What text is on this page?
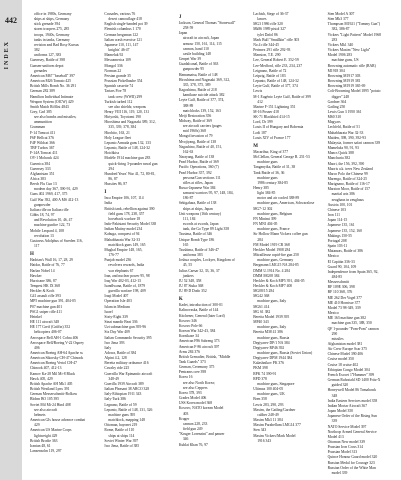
442
INDEX
office in 1980s, Germany
ships at ships, Germany
stick grenade 394
storm troopers 275, 285
troops, 1940s, Germany
tanks in tanks, Germany
revision and Bad Rosy Kursus
382
uniforms 127, 383
Guernsey, Battle of 398
Gunsen-uniform depot
grenades
American M67 "baseball" 397
American M26 Tomato 425
British Mills Bomb No. 36 291
German 282 389
Hamilton Individual Intimate
Weapon System (OICW) 429
Smith Match Rifflist 4843
Grey, Carl 385
see also bombs and missiles;
ammunition
Grumman
F-14 Tomcat 411
F6F Hellcat 376
F4F Wildcat 366
TBF Turbos 367
F-14A Tomcat 411
OV-1 Mohawk 424
Guernica 384
Guernsey 333
Afghanistan 351
Africa 383
Beech Flu Cun 13
modern day 367, 390-91, 429
Guns 402 1969, 417, 375
Gulf War 392, 400 A MS 412-13
gunpowder
Italian rifle on Italian rifle
Gibbs 18, 74, 97
and Revolution 10, 46, 47
machine gunfire 122, 73
Mobile Leopard 4, 108
revolution 13
Gustavus Adolphus of Sweden 116,
117
H
Hadrian's Wall 16, 17, 28, 29
Haidar, Battle of 76, 77
Harlan Nobel 14
Hawker
Hurricane 386, 87
Tempest HK IX 368
Heckler & Koch
G41 assault rifle 393
MP5 machine gun 391, 404-05
P07 machine gun 401
PSG1 sniper rifle 411
Heinkel
HE 111 aircraft 348
HE 177 Greif (Griffin) 352
helicopters 406-07
Aerospace Bell AH-1 Cobra 406
Aerospace Bell/Boeing V-22 Osprey
406
American Boeing AH-64 Apache ss
American Sikorsky CH-47 Chinook
American Boeing Vertol CH-47
Chinook 407, 412-13
Kamov Ka-28 Mil Mi-8 Black
Hawk 405, 429
British Apache AH Mk1 405
British Westland Lynx 391
German Messerschmitt-Bolkow
Blohm BO 105 395
Soviet Mil Mi-24 Hind 408
see also aircraft
helmets
American GIs house advance combat
429
American US Marine Corps
lightweight 429
British Brodie 363
Iranian 48, 61
Lanzensohn 119, 297
Crusades, various 76
desert camouflage 418
English single-banded pot 39
Flemish columbus 1 170
German bergsman 122
Italian crash exercise 121
Japanese 110, 111, 147
knights' 46-47
Mameluk 92
Mesoamerica 109
Mongol 336
Norman 22
Persian grande 35
Prussian Pickelhaube 354
Spanish cassette 74
Tartars Fire 78
tank crew (WWII) 299
Turkish turbed 112
see also shields; weapons
Henry VIII 116, 119, 120, 131
Hiriyoshi, Toyotomi 190
Hiroshima and Nagasaki 389, 312,
335, 339, 378, 384
Hirohito, 163, 21
Holy League fleet
Lepanto Armada guns 132, 133
Lepanto, Battle of 148, 124-32
Hotchkiss
Modèle 1914 machine gun 283
quick-firing 3-pounder naval gun
294
Hundred Years' War 41, 72, 80-81,
86, 87
Hussites 86, 87
I
Inca Empire 106, 107, 114
India
British tank, rebellion against 390
field guns 178, 238, 357
horseback warfare 18
Indo-Pakistani Security Model 338
Indian Mutiny model 234
Kabuga, conquest of 94
Mahabharata War 32-33
matchlock guns 149, 165
Mughal Empire 148, 165,
176-77
Punjab model 236
revolvers rewards, India
war elephants 67
Iran, and nuclear power 95, 98
Iraq War 402-03, 412-13
Isandlwana, Battle of, 1879
guerilla warfare 198, 409
Iraqi Model 407
Operation Isle 403
Islam in Medium
Israel
Sixty-Eight 339
Sinai mandir Beat 336
Uzi submachine gun 395-96
Six Day War 409
Italian Commando Security 395
Iwo Jima 393
Italy
Adowa, Battle of 384
Alpini 4.2, 128
Beretta military ordnance 416
Cavalry ride 225
Guerrilla War Epimantic aircraft
348-49
Guerilla 1939 Aircraft 389
Italian Pleasant 38 ARCO 328
Italy-Ethiopian 1911 343
Italy-Turk 386
Legnano, Battle of 59
Lepanto, Battle of 148, 131, 326
machine guns 395
matchlock, mapping 148
Ottoman, bayonet 219
Rome, Battle of 110
ships at ships 114
Soviet Winter War 397
Iwo Jima, Battle of 385
J
Jackson, General Thomas "Stonewall"
258-59
Japan
aircraft in aircraft, Japan
armour 150, 161, 114, 115
cannon, hand 110
castle building 148
Genpei War 39
Guadalcanal, Battle of 363
gunpowder 95
Hamamatsu, Battle of 148
Hiroshima and Nagasaki 369, 312,
335, 378, 375, 389
Kagoshima, Battle of 218
kamikaze suicide attack 382
Leyte Gulf, Battle of 377, 374,
388-89
matchlocks 139, 152, 163
Meiji Restoration 356
Midway, Battle of 369
see aircraft carriers (pages
mid 1960s) 368
Mongol invasion of 79
Mvojiyang, Battle of 138
Nagashino, Battle of 40, 151,
162-63
Narayang, Battle of 138
Pearl Harbor, Battle of 369
Pacific Operations, 360 (7)
Pearl Harbor 357, 392
persona/Gun sections 111
rifles at rifles, Japan
Russo-Japanese War 384
samurai warriors 95, 97, 148, 184,
186-87
Sekigahara, Battle of 138
ships at ships, Japan
Unit weapons (16th century)
111, 184
swords at swords, Japan
tank, the Go Type 89 Light 358
Tsusima, Battle of 346
Unique Bomb Type 186
165
Tsushima, Battle of 346-47
uniforms 383
Joshua couples, Lockyer, Kingdom of
45, 55
Julius Caesar 32, 33, 36, 37
junkers
JU 52 348, 358
JU 87 Stuka 368
JU 89 D Dodo 352
K
Kadet, introduction of 300-01
Kalinovaska, Battle of 144
Kitchener, General (later Lord)
Kosovo 346
Kosovo Pole 66
Korean War 342-43, 384
Kornikaze 34
American F86 Sabreng 373
American F-86 aircraft 397
Arms 284 376
British Grenadier, British, "Middle
Tank Guards" 373
German, Ceremony 375
Pentrams cree 398
Korea 16
see also North Korea;
see also Ceppers
Korea 378, 393
Grades Model 406
USS Korea model 368
Kosovo, NATO korean Model
403
Kruger
cannon 228, 233
field gun 249
"Kruger Lorenzini" and panzer
346
Kublai Khan 76, 97
Lachish, Siege of 36-37
lances
MG3 1986 rifle 320
Mk86 1989 pistol 327
tylet Dafol 86
Mark Bull "Smallkin" rifle 303
No.4 rifle 344-45
Perimex 291 rifle 292-93
Mansion, T.E. 290
Lee, General Robert E. 352-59
Lee-Medford, rifle 233, 234, 237
Leignano, Battle of 72
Leipzig, Battle of 183
Lepanto, Battle of 148, 124-32
Leyte Gulf, Battle of 377, 374
Lewis
M-1 Eugénio Leyte Gulf, Battle of 399
412
Marine F-151 Lightning 351
M-16 Posner 418
SK-71 Blackbird 414-15
Lord, Dr 399
Louis II of Hungary and Bohemia
Lodi 187
Louis XIV of France 177
M
Macarthur, King of 377
McClellan, General George B. 251-53
machine guns
Tanganyika, Battle of 31, 38
Tank Battle of 36, 36
machine guns
1986 century 384-85
Henry 385
light 384-85
motor and air cooled 388-89
machine guns, American, Schwarzlose
MG7-12 302
machine guns, Belgium
FN Minimi 399
FN MNI 404-05
machine guns, France
Sir Hollow Mann Vickers coffee gun
284
FM Model 1919 CR 368
Heckler Model 1908 284
Mitrailleuse rapid-fire gun 250
machine guns, Germany
Bergmann LMG15 NA 284-85
DMM U.1914 No. 4 284
DMM MG08 384
Heckler & Koch MP5 391, 404-05
Heckler & Koch MP7 400
MG08/15 284
MG42 368
machine guns, Italy
MG61 414
MG 61 382
Beretta Model 1939 395
MP40 343
machine guns, Italy
Beretta M38 41 386
machine guns, Russia
Degtyarev DP/1 NA 384
Degtyarev RP46 392
machine guns, Russia (Soviet Union)
Degtyarev DPM 1944 384
Kalashnikov PK 376
PKM 398
RPK 74 390-91
RPD 378
machine guns, Singapore
Ultimax 100 404-05
machine guns, UK
Bren 358
Lewis 283, 290, 293
Maxim, the Gatling/Gardner
caliber 248-49
Maxim Mk3 11 384
Maxim Parabellum LMG14 377
Sten 343
Maxim Vickers/Mark Model
1916 343
Sten Model A 307
Sten Mk3 377
Thompson M1921 ("Tommy Gun")
382, 386-87
Vickers "Light Pattern" Model 1968
283
Vickers Mk1 340
Vickers Maxim "New Light"
Model 1906 283
machine guns, US
Browning automatic rifle (BAR)
M1918 304
Browning M1917 303
Browning M1919 381
Browning M1919 365-69
Colt-Browning Model 1895 "potato
digger" 248
Gardner 364
Gatling 250
Lewis Gun 3 1950 361
M60 310
Magyars
Lechfeld, Battle of 51
Mahabharata War 32-33
Maiden, 398, 390, 392-93
Malaysia, former safari cannon 339
Mameluks 90, 91, 93
Mancs Quick 388
Manchuria 382
Maori, the 156, 392, 390
Maoris a.k. trees New Zealand
Marco Polo the Chinese 99
Marengo, Battle of 324-25
Marignano, Battle of 116-17
Marston Moor, Battle of 157
martial arts 386
zeughaus in zeughaus
Austria 100, 101
Chinese 103
Iron 111
Japan 114-15
Japanese 135, 161
Japanese 135, 152, 160
Makings 150-55
Portugal 208
Spain 103-11
Matanzas, Battle of 386
Mexico
El Capitán 336-33
Guard 90, 104, 109
Independence from Spain 365, 92,
484-85
Messerschmitt
BF 109E 306, 398
BF 110 368, 376
ME 262 Der Vogel 377
ME 410 Hornisse 377
Model 73 98-349, 339
Mexico
ME 163 machine gun 382
machine gun 335, 388, 350
QF 1-pounder "Pom-Pom" cannon
290
missiles
Afghanistan model 381
Air Crew Europe Scar 375
Chinese Model 390 406
Cruise model 350
Cruise 18 cruise 402
Ethiopian Congo Model 304
French Exocet 1"Hammer" 399
German Ruhrstahl SD 1400 Fritz-X
guided 320
Honeywell Model 86 Tomahawk
348
India Eastern Services model 358
Indian Mortar Aircraft 367
Japan Model 350
Japanese Order of the Rising Sun
339
NATO Service Model 397
Northrop Armed General Service
Model 413
Ottoman New model 339
Prussian Iron Cross 314
Prussian Model 313
Quince Honour Guard model 320
Russian Medal for Courage 323
Russian Order of the White Man
model 339
